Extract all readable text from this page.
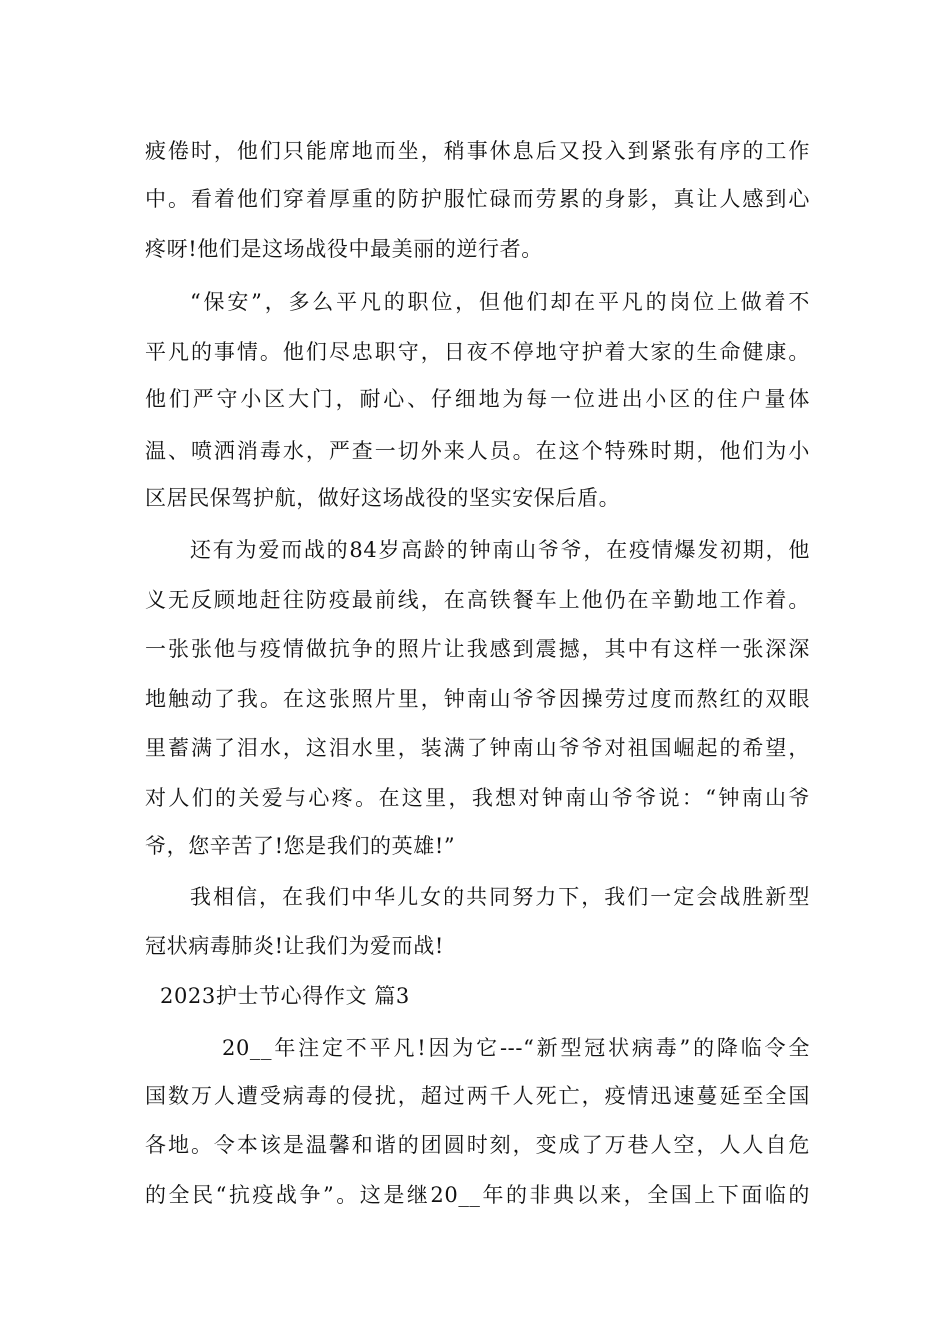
疲倦时，他们只能席地而坐，稍事休息后又投入到紧张有序的工作
中。看着他们穿着厚重的防护服忙碌而劳累的身影，真让人感到心
疼呀!他们是这场战役中最美丽的逆行者。
“保安”，多么平凡的职位，但他们却在平凡的岗位上做着不
平凡的事情。他们尽忠职守，日夜不停地守护着大家的生命健康。
他们严守小区大门，耐心、仔细地为每一位进出小区的住户量体
温、喷洒消毒水，严查一切外来人员。在这个特殊时期，他们为小
区居民保驾护航，做好这场战役的坚实安保后盾。
还有为爱而战的84岁高龄的钟南山爷爷，在疫情爆发初期，他
义无反顾地赶往防疫最前线，在高铁餐车上他仍在辛勤地工作着。
一张张他与疫情做抗争的照片让我感到震撼，其中有这样一张深深
地触动了我。在这张照片里，钟南山爷爷因操劳过度而熬红的双眼
里蓄满了泪水，这泪水里，装满了钟南山爷爷对祖国崛起的希望，
对人们的关爱与心疼。在这里，我想对钟南山爷爷说：“钟南山爷
爷，您辛苦了!您是我们的英雄!”
我相信，在我们中华儿女的共同努力下，我们一定会战胜新型
冠状病毒肺炎!让我们为爱而战!
2023护士节心得作文 篇3
20__年注定不平凡!因为它---“新型冠状病毒”的降临令全
国数万人遭受病毒的侵扰，超过两千人死亡，疫情迅速蔓延至全国
各地。令本该是温馨和谐的团圆时刻，变成了万巷人空，人人自危
的全民“抗疫战争”。这是继20__年的非典以来，全国上下面临的
